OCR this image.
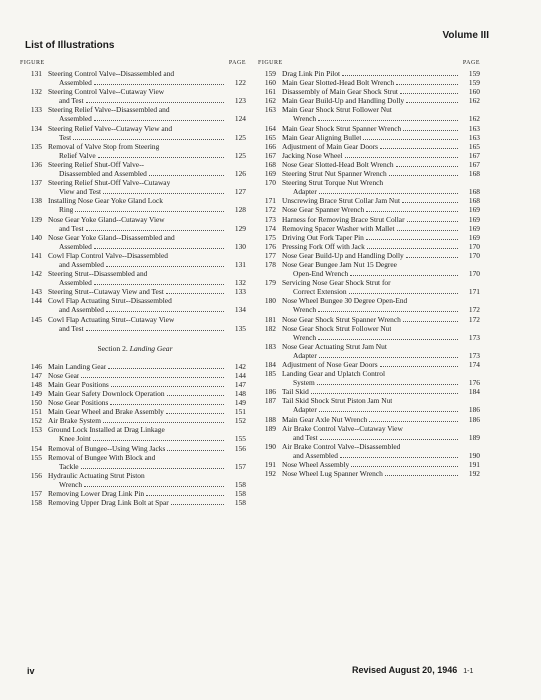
List of Illustrations
Volume III
FIGURE	PAGE
131 Steering Control Valve--Disassembled and
Assembled	122
132 Steering Control Valve--Cutaway View
and Test	123
133 Steering Relief Valve--Disassembled and
Assembled	124
134 Steering Relief Valve--Cutaway View and
Test	125
135 Removal of Valve Stop from Steering
Relief Valve	125
136 Steering Relief Shut-Off Valve--
Disassembled and Assembled	126
137 Steering Relief Shut-Off Valve--Cutaway
View and Test	127
138 Installing Nose Gear Yoke Gland Lock
Ring	128
139 Nose Gear Yoke Gland--Cutaway View
and Test	129
140 Nose Gear Yoke Gland--Disassembled and
Assembled	130
141 Cowl Flap Control Valve--Disassembled
and Assembled	131
142 Steering Strut--Disassembled and
Assembled	132
143 Steering Strut--Cutaway View and Test	133
144 Cowl Flap Actuating Strut--Disassembled
and Assembled	134
145 Cowl Flap Actuating Strut--Cutaway View
and Test	135
Section 2. Landing Gear
146 Main Landing Gear	142
147 Nose Gear	144
148 Main Gear Positions	147
149 Main Gear Safety Downlock Operation	148
150 Nose Gear Positions	149
151 Main Gear Wheel and Brake Assembly	151
152 Air Brake System	152
153 Ground Lock Installed at Drag Linkage
Knee Joint	155
154 Removal of Bungee--Using Wing Jacks	156
155 Removal of Bungee With Block and
Tackle	157
156 Hydraulic Actuating Strut Piston
Wrench	158
157 Removing Lower Drag Link Pin	158
158 Removing Upper Drag Link Bolt at Spar	158
FIGURE	PAGE
159 Drag Link Pin Pilot	159
160 Main Gear Slotted-Head Bolt Wrench	159
161 Disassembly of Main Gear Shock Strut	160
162 Main Gear Build-Up and Handling Dolly	162
163 Main Gear Shock Strut Follower Nut
Wrench	162
164 Main Gear Shock Strut Spanner Wrench	163
165 Main Gear Aligning Bullet	163
166 Adjustment of Main Gear Doors	165
167 Jacking Nose Wheel	167
168 Nose Gear Slotted-Head Bolt Wrench	167
169 Steering Strut Nut Spanner Wrench	168
170 Steering Strut Torque Nut Wrench
Adapter	168
171 Unscrewing Brace Strut Collar Jam Nut	168
172 Nose Gear Spanner Wrench	169
173 Harness for Removing Brace Strut Collar	169
174 Removing Spacer Washer with Mallet	169
175 Driving Out Fork Taper Pin	169
176 Pressing Fork Off with Jack	170
177 Nose Gear Build-Up and Handling Dolly	170
178 Nose Gear Bungee Jam Nut 15 Degree
Open-End Wrench	170
179 Servicing Nose Gear Shock Strut for
Correct Extension	171
180 Nose Wheel Bungee 30 Degree Open-End
Wrench	172
181 Nose Gear Shock Strut Spanner Wrench	172
182 Nose Gear Shock Strut Follower Nut
Wrench	173
183 Nose Gear Actuating Strut Jam Nut
Adapter	173
184 Adjustment of Nose Gear Doors	174
185 Landing Gear and Uplatch Control
System	176
186 Tail Skid	184
187 Tail Skid Shock Strut Piston Jam Nut
Adapter	186
188 Main Gear Axle Nut Wrench	186
189 Air Brake Control Valve--Cutaway View
and Test	189
190 Air Brake Control Valve--Disassembled
and Assembled	190
191 Nose Wheel Assembly	191
192 Nose Wheel Lug Spanner Wrench	192
iv	Revised August 20, 1946 1-1
